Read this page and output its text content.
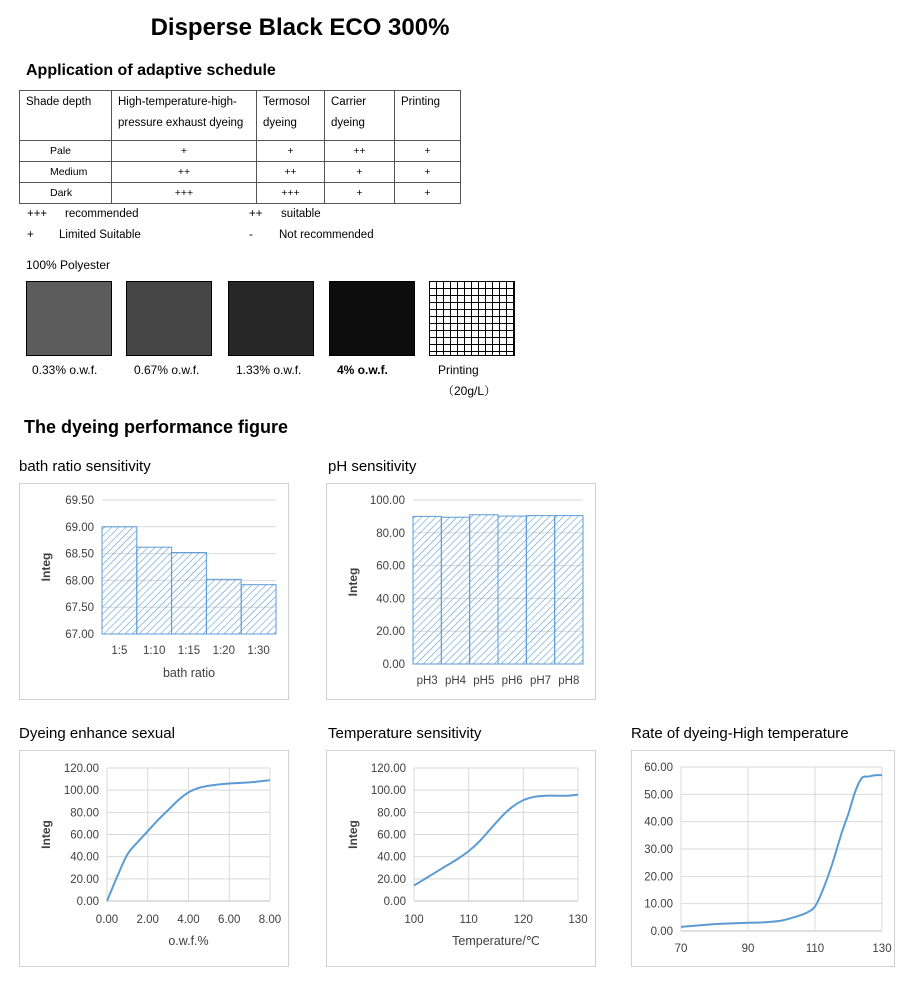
Disperse Black ECO 300%
Application of adaptive schedule
Shade depth	High-temperature-high-pressure exhaust dyeing	Termosol dyeing	Carrier dyeing	Printing
Pale	+	+	++	+
Medium	++	++	+	+
Dark	+++	+++	+	+
+++ recommended	++ suitable
+ Limited Suitable	- Not recommended
100% Polyester
0.33% o.w.f.	0.67% o.w.f.	1.33% o.w.f.	4% o.w.f.	Printing
（20g/L）
The dyeing performance figure
bath ratio sensitivity	pH sensitivity
Dyeing enhance sexual	Temperature sensitivity	Rate of dyeing-High temperature
69.50
69.00
68.50
68.00
67.50
67.00
1:5 1:10 1:15 1:20 1:30
Integ
bath ratio
100.00
80.00
60.00
40.00
20.00
0.00
pH3 pH4 pH5 pH6 pH7 pH8
Integ
120.00
100.00
80.00
60.00
40.00
20.00
0.00
0.00 2.00 4.00 6.00 8.00
Integ
o.w.f.%
120.00
100.00
80.00
60.00
40.00
20.00
0.00
100	110	120	130
Integ
Temperature/℃
60.00
50.00
40.00
30.00
20.00
10.00
0.00
70	90	110	130
